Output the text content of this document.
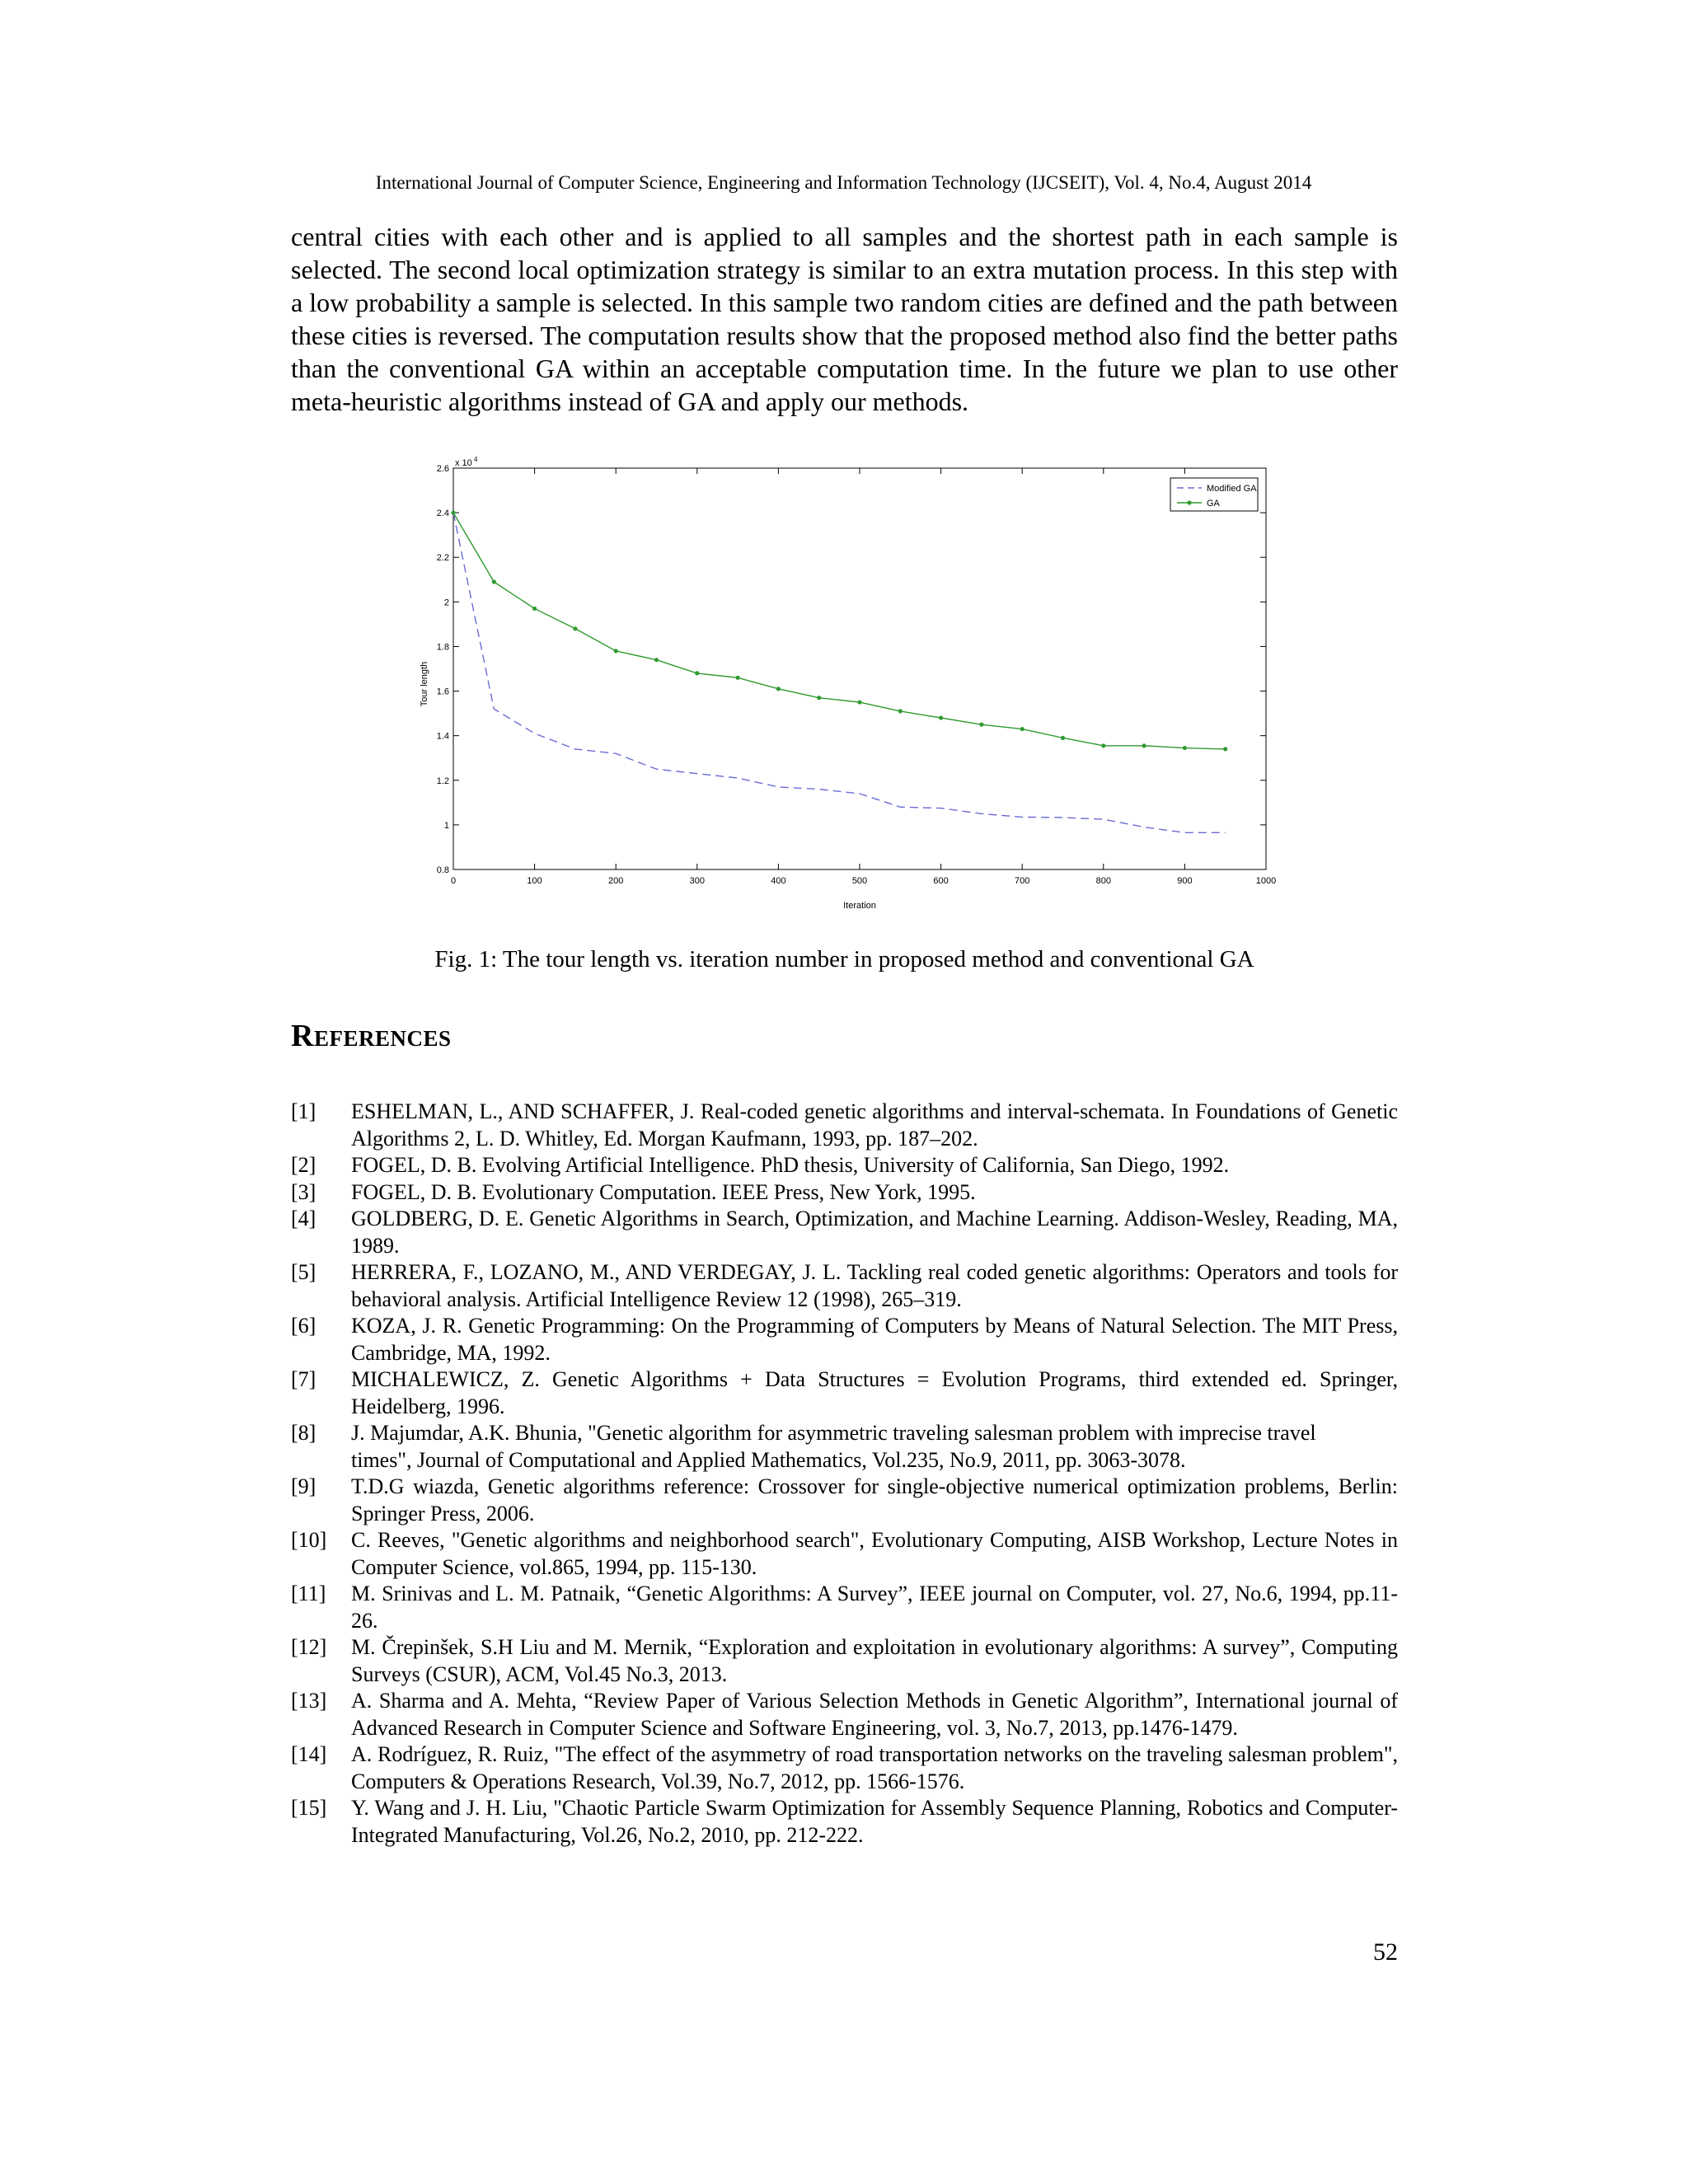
International Journal of Computer Science, Engineering and Information Technology (IJCSEIT), Vol. 4, No.4, August 2014

central cities with each other and is applied to all samples and the shortest path in each sample is selected. The second local optimization strategy is similar to an extra mutation process. In this step with a low probability a sample is selected. In this sample two random cities are defined and the path between these cities is reversed. The computation results show that the proposed method also find the better paths than the conventional GA within an acceptable computation time. In the future we plan to use other meta-heuristic algorithms instead of GA and apply our methods.

0	100	200	300	400	500	600	700	800	900	1000
0.8
1
1.2
1.4
1.6
1.8
2
2.2
2.4
2.6
x 10 4
Iteration
Tour length
Modified GA
GA

Fig. 1: The tour length vs. iteration number in proposed method and conventional GA

References
[1] ESHELMAN, L., AND SCHAFFER, J. Real-coded genetic algorithms and interval-schemata. In Foundations of Genetic Algorithms 2, L. D. Whitley, Ed. Morgan Kaufmann, 1993, pp. 187–202.
[2] FOGEL, D. B. Evolving Artificial Intelligence. PhD thesis, University of California, San Diego, 1992.
[3] FOGEL, D. B. Evolutionary Computation. IEEE Press, New York, 1995.
[4] GOLDBERG, D. E. Genetic Algorithms in Search, Optimization, and Machine Learning. Addison-Wesley, Reading, MA, 1989.
[5] HERRERA, F., LOZANO, M., AND VERDEGAY, J. L. Tackling real coded genetic algorithms: Operators and tools for behavioral analysis. Artificial Intelligence Review 12 (1998), 265–319.
[6] KOZA, J. R. Genetic Programming: On the Programming of Computers by Means of Natural Selection. The MIT Press, Cambridge, MA, 1992.
[7] MICHALEWICZ, Z. Genetic Algorithms + Data Structures = Evolution Programs, third extended ed. Springer, Heidelberg, 1996.
[8] J. Majumdar, A.K. Bhunia, "Genetic algorithm for asymmetric traveling salesman problem with imprecise travel
times", Journal of Computational and Applied Mathematics, Vol.235, No.9, 2011, pp. 3063-3078.
[9] T.D.G wiazda, Genetic algorithms reference: Crossover for single-objective numerical optimization problems, Berlin: Springer Press, 2006.
[10] C. Reeves, "Genetic algorithms and neighborhood search", Evolutionary Computing, AISB Workshop, Lecture Notes in Computer Science, vol.865, 1994, pp. 115-130.
[11] M. Srinivas and L. M. Patnaik, “Genetic Algorithms: A Survey”, IEEE journal on Computer, vol. 27, No.6, 1994, pp.11-26.
[12] M. Črepinšek, S.H Liu and M. Mernik, “Exploration and exploitation in evolutionary algorithms: A survey”, Computing Surveys (CSUR), ACM, Vol.45 No.3, 2013.
[13] A. Sharma and A. Mehta, “Review Paper of Various Selection Methods in Genetic Algorithm”, International journal of Advanced Research in Computer Science and Software Engineering, vol. 3, No.7, 2013, pp.1476-1479.
[14] A. Rodríguez, R. Ruiz, "The effect of the asymmetry of road transportation networks on the traveling salesman problem", Computers & Operations Research, Vol.39, No.7, 2012, pp. 1566-1576.
[15] Y. Wang and J. H. Liu, "Chaotic Particle Swarm Optimization for Assembly Sequence Planning, Robotics and Computer-Integrated Manufacturing, Vol.26, No.2, 2010, pp. 212-222.
52
